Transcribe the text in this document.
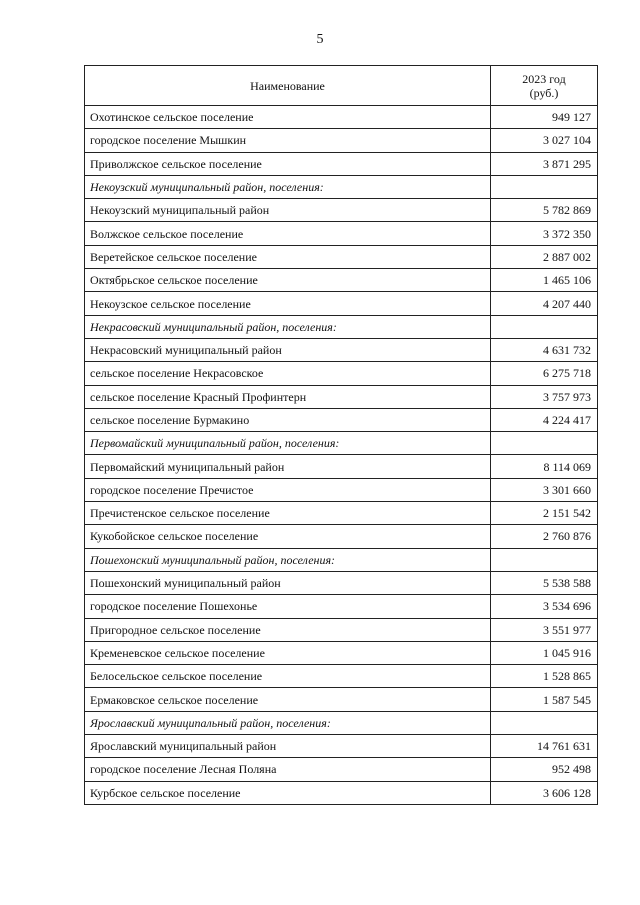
5
Наименование	2023 год
(руб.)
Охотинское сельское поселение	949 127
городское поселение Мышкин	3 027 104
Приволжское сельское поселение	3 871 295
Некоузский муниципальный район, поселения:	
Некоузский муниципальный район	5 782 869
Волжское сельское поселение	3 372 350
Веретейское сельское поселение	2 887 002
Октябрьское сельское поселение	1 465 106
Некоузское сельское поселение	4 207 440
Некрасовский муниципальный район, поселения:	
Некрасовский муниципальный район	4 631 732
сельское поселение Некрасовское	6 275 718
сельское поселение Красный Профинтерн	3 757 973
сельское поселение Бурмакино	4 224 417
Первомайский муниципальный район, поселения:	
Первомайский муниципальный район	8 114 069
городское поселение Пречистое	3 301 660
Пречистенское сельское поселение	2 151 542
Кукобойское сельское поселение	2 760 876
Пошехонский муниципальный район, поселения:	
Пошехонский муниципальный район	5 538 588
городское поселение Пошехонье	3 534 696
Пригородное сельское поселение	3 551 977
Кременевское сельское поселение	1 045 916
Белосельское сельское поселение	1 528 865
Ермаковское сельское поселение	1 587 545
Ярославский муниципальный район, поселения:	
Ярославский муниципальный район	14 761 631
городское поселение Лесная Поляна	952 498
Курбское сельское поселение	3 606 128
